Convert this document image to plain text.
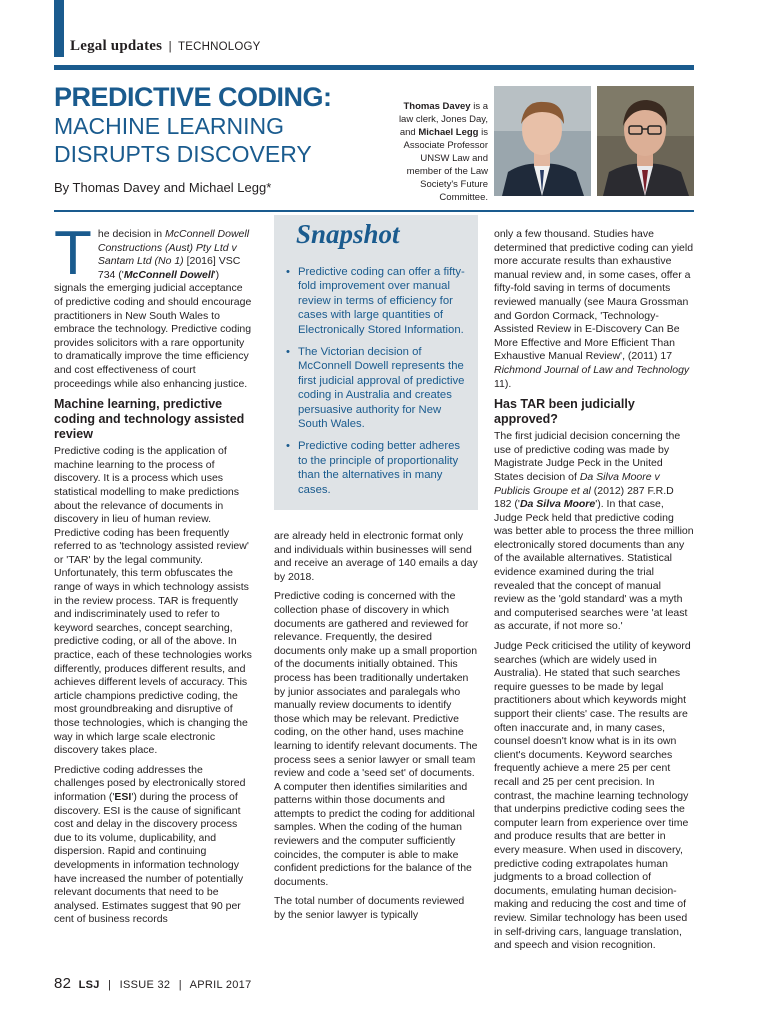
Legal updates | TECHNOLOGY
PREDICTIVE CODING:
MACHINE LEARNING DISRUPTS DISCOVERY
By Thomas Davey and Michael Legg*
Thomas Davey is a law clerk, Jones Day, and Michael Legg is Associate Professor UNSW Law and member of the Law Society's Future Committee.

The decision in McConnell Dowell Constructions (Aust) Pty Ltd v Santam Ltd (No 1) [2016] VSC 734 ('McConnell Dowell') signals the emerging judicial acceptance of predictive coding and should encourage practitioners in New South Wales to embrace the technology. Predictive coding provides solicitors with a rare opportunity to dramatically improve the time efficiency and cost effectiveness of court proceedings while also enhancing justice.

Machine learning, predictive coding and technology assisted review

Predictive coding is the application of machine learning to the process of discovery. It is a process which uses statistical modelling to make predictions about the relevance of documents in discovery in lieu of human review. Predictive coding has been frequently referred to as 'technology assisted review' or 'TAR' by the legal community. Unfortunately, this term obfuscates the range of ways in which technology assists in the review process. TAR is frequently and indiscriminately used to refer to keyword searches, concept searching, predictive coding, or all of the above. In practice, each of these technologies works differently, produces different results, and achieves different levels of accuracy. This article champions predictive coding, the most groundbreaking and disruptive of those technologies, which is changing the way in which large scale electronic discovery takes place.

Predictive coding addresses the challenges posed by electronically stored information ('ESI') during the process of discovery. ESI is the cause of significant cost and delay in the discovery process due to its volume, duplicability, and dispersion. Rapid and continuing developments in information technology have increased the number of potentially relevant documents that need to be analysed. Estimates suggest that 90 per cent of business records

Snapshot
• Predictive coding can offer a fifty-fold improvement over manual review in terms of efficiency for cases with large quantities of Electronically Stored Information.
• The Victorian decision of McConnell Dowell represents the first judicial approval of predictive coding in Australia and creates persuasive authority for New South Wales.
• Predictive coding better adheres to the principle of proportionality than the alternatives in many cases.

are already held in electronic format only and individuals within businesses will send and receive an average of 140 emails a day by 2018.

Predictive coding is concerned with the collection phase of discovery in which documents are gathered and reviewed for relevance. Frequently, the desired documents only make up a small proportion of the documents initially obtained. This process has been traditionally undertaken by junior associates and paralegals who manually review documents to identify those which may be relevant. Predictive coding, on the other hand, uses machine learning to identify relevant documents. The process sees a senior lawyer or small team review and code a 'seed set' of documents. A computer then identifies similarities and patterns within those documents and attempts to predict the coding for additional samples. When the coding of the human reviewers and the computer sufficiently coincides, the computer is able to make confident predictions for the balance of the documents.

The total number of documents reviewed by the senior lawyer is typically

only a few thousand. Studies have determined that predictive coding can yield more accurate results than exhaustive manual review and, in some cases, offer a fifty-fold saving in terms of documents reviewed manually (see Maura Grossman and Gordon Cormack, 'Technology-Assisted Review in E-Discovery Can Be More Effective and More Efficient Than Exhaustive Manual Review', (2011) 17 Richmond Journal of Law and Technology 11).

Has TAR been judicially approved?

The first judicial decision concerning the use of predictive coding was made by Magistrate Judge Peck in the United States decision of Da Silva Moore v Publicis Groupe et al (2012) 287 F.R.D 182 ('Da Silva Moore'). In that case, Judge Peck held that predictive coding was better able to process the three million electronically stored documents than any of the available alternatives. Statistical evidence examined during the trial revealed that the concept of manual review as the 'gold standard' was a myth and computerised searches were 'at least as accurate, if not more so.'

Judge Peck criticised the utility of keyword searches (which are widely used in Australia). He stated that such searches require guesses to be made by legal practitioners about which keywords might support their clients' case. The results are often inaccurate and, in many cases, counsel doesn't know what is in its own client's documents. Keyword searches frequently achieve a mere 25 per cent recall and 25 per cent precision. In contrast, the machine learning technology that underpins predictive coding sees the computer learn from experience over time and produce results that are better in every measure. When used in discovery, predictive coding extrapolates human judgments to a broad collection of documents, emulating human decision-making and reducing the cost and time of review. Similar technology has been used in self-driving cars, language translation, and speech and vision recognition.

82 LSJ | ISSUE 32 | APRIL 2017
